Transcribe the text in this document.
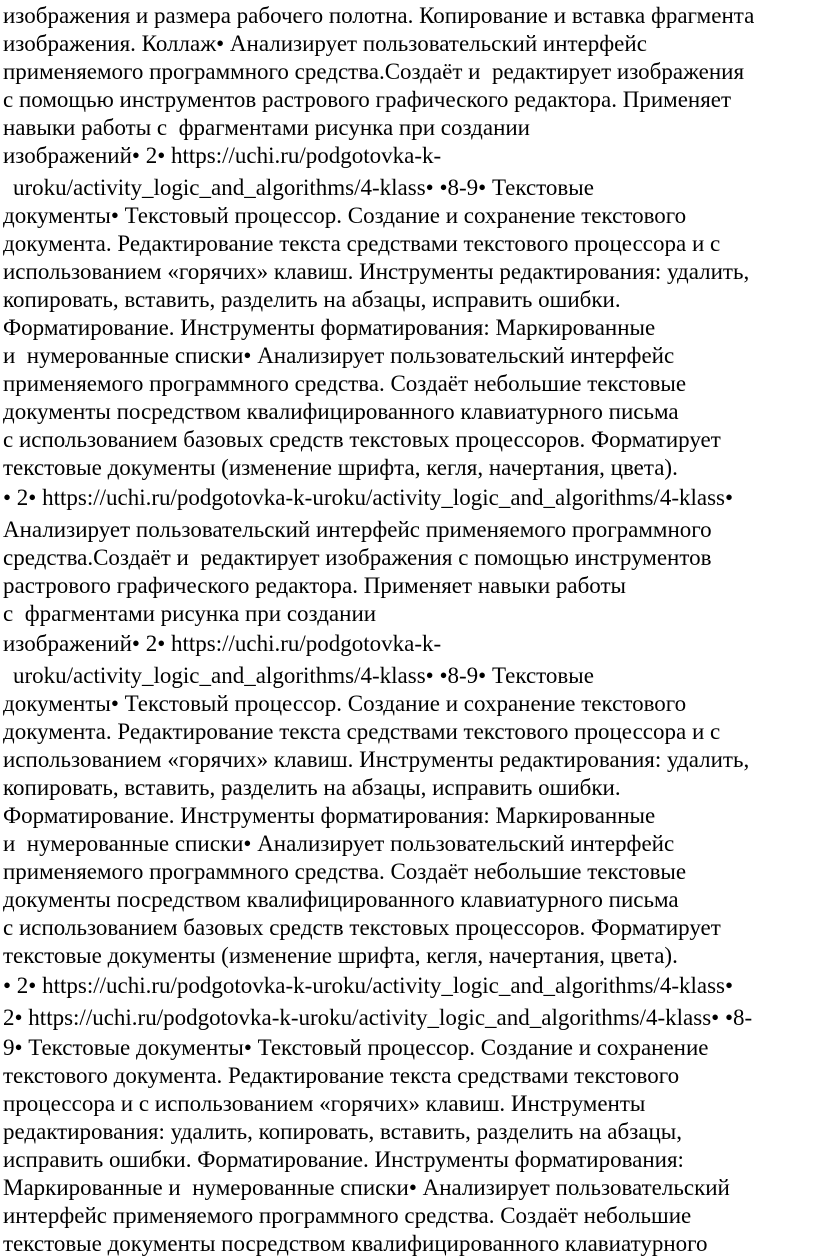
изображения и размера рабочего полотна. Копирование и вставка фрагмента
изображения. Коллаж• Анализирует пользовательский интерфейс
применяемого программного средства.Создаёт и  редактирует изображения
с помощью инструментов растрового графического редактора. Применяет
навыки работы с  фрагментами рисунка при создании
изображений• 2• https://uchi.ru/podgotovka-k-
uroku/activity_logic_and_algorithms/4-klass• •8-9• Текстовые
документы• Текстовый процессор. Создание и сохранение текстового
документа. Редактирование текста средствами текстового процессора и с
использованием «горячих» клавиш. Инструменты редактирования: удалить,
копировать, вставить, разделить на абзацы, исправить ошибки.
Форматирование. Инструменты форматирования: Маркированные
и  нумерованные списки• Анализирует пользовательский интерфейс
применяемого программного средства. Создаёт небольшие текстовые
документы посредством квалифицированного клавиатурного письма
с использованием базовых средств текстовых процессоров. Форматирует
текстовые документы (изменение шрифта, кегля, начертания, цвета).
• 2• https://uchi.ru/podgotovka-k-uroku/activity_logic_and_algorithms/4-klass•
Анализирует пользовательский интерфейс применяемого программного
средства.Создаёт и  редактирует изображения с помощью инструментов
растрового графического редактора. Применяет навыки работы
с  фрагментами рисунка при создании
изображений• 2• https://uchi.ru/podgotovka-k-
uroku/activity_logic_and_algorithms/4-klass• •8-9• Текстовые
документы• Текстовый процессор. Создание и сохранение текстового
документа. Редактирование текста средствами текстового процессора и с
использованием «горячих» клавиш. Инструменты редактирования: удалить,
копировать, вставить, разделить на абзацы, исправить ошибки.
Форматирование. Инструменты форматирования: Маркированные
и  нумерованные списки• Анализирует пользовательский интерфейс
применяемого программного средства. Создаёт небольшие текстовые
документы посредством квалифицированного клавиатурного письма
с использованием базовых средств текстовых процессоров. Форматирует
текстовые документы (изменение шрифта, кегля, начертания, цвета).
• 2• https://uchi.ru/podgotovka-k-uroku/activity_logic_and_algorithms/4-klass•
2• https://uchi.ru/podgotovka-k-uroku/activity_logic_and_algorithms/4-klass• •8-
9• Текстовые документы• Текстовый процессор. Создание и сохранение
текстового документа. Редактирование текста средствами текстового
процессора и с использованием «горячих» клавиш. Инструменты
редактирования: удалить, копировать, вставить, разделить на абзацы,
исправить ошибки. Форматирование. Инструменты форматирования:
Маркированные и  нумерованные списки• Анализирует пользовательский
интерфейс применяемого программного средства. Создаёт небольшие
текстовые документы посредством квалифицированного клавиатурного
